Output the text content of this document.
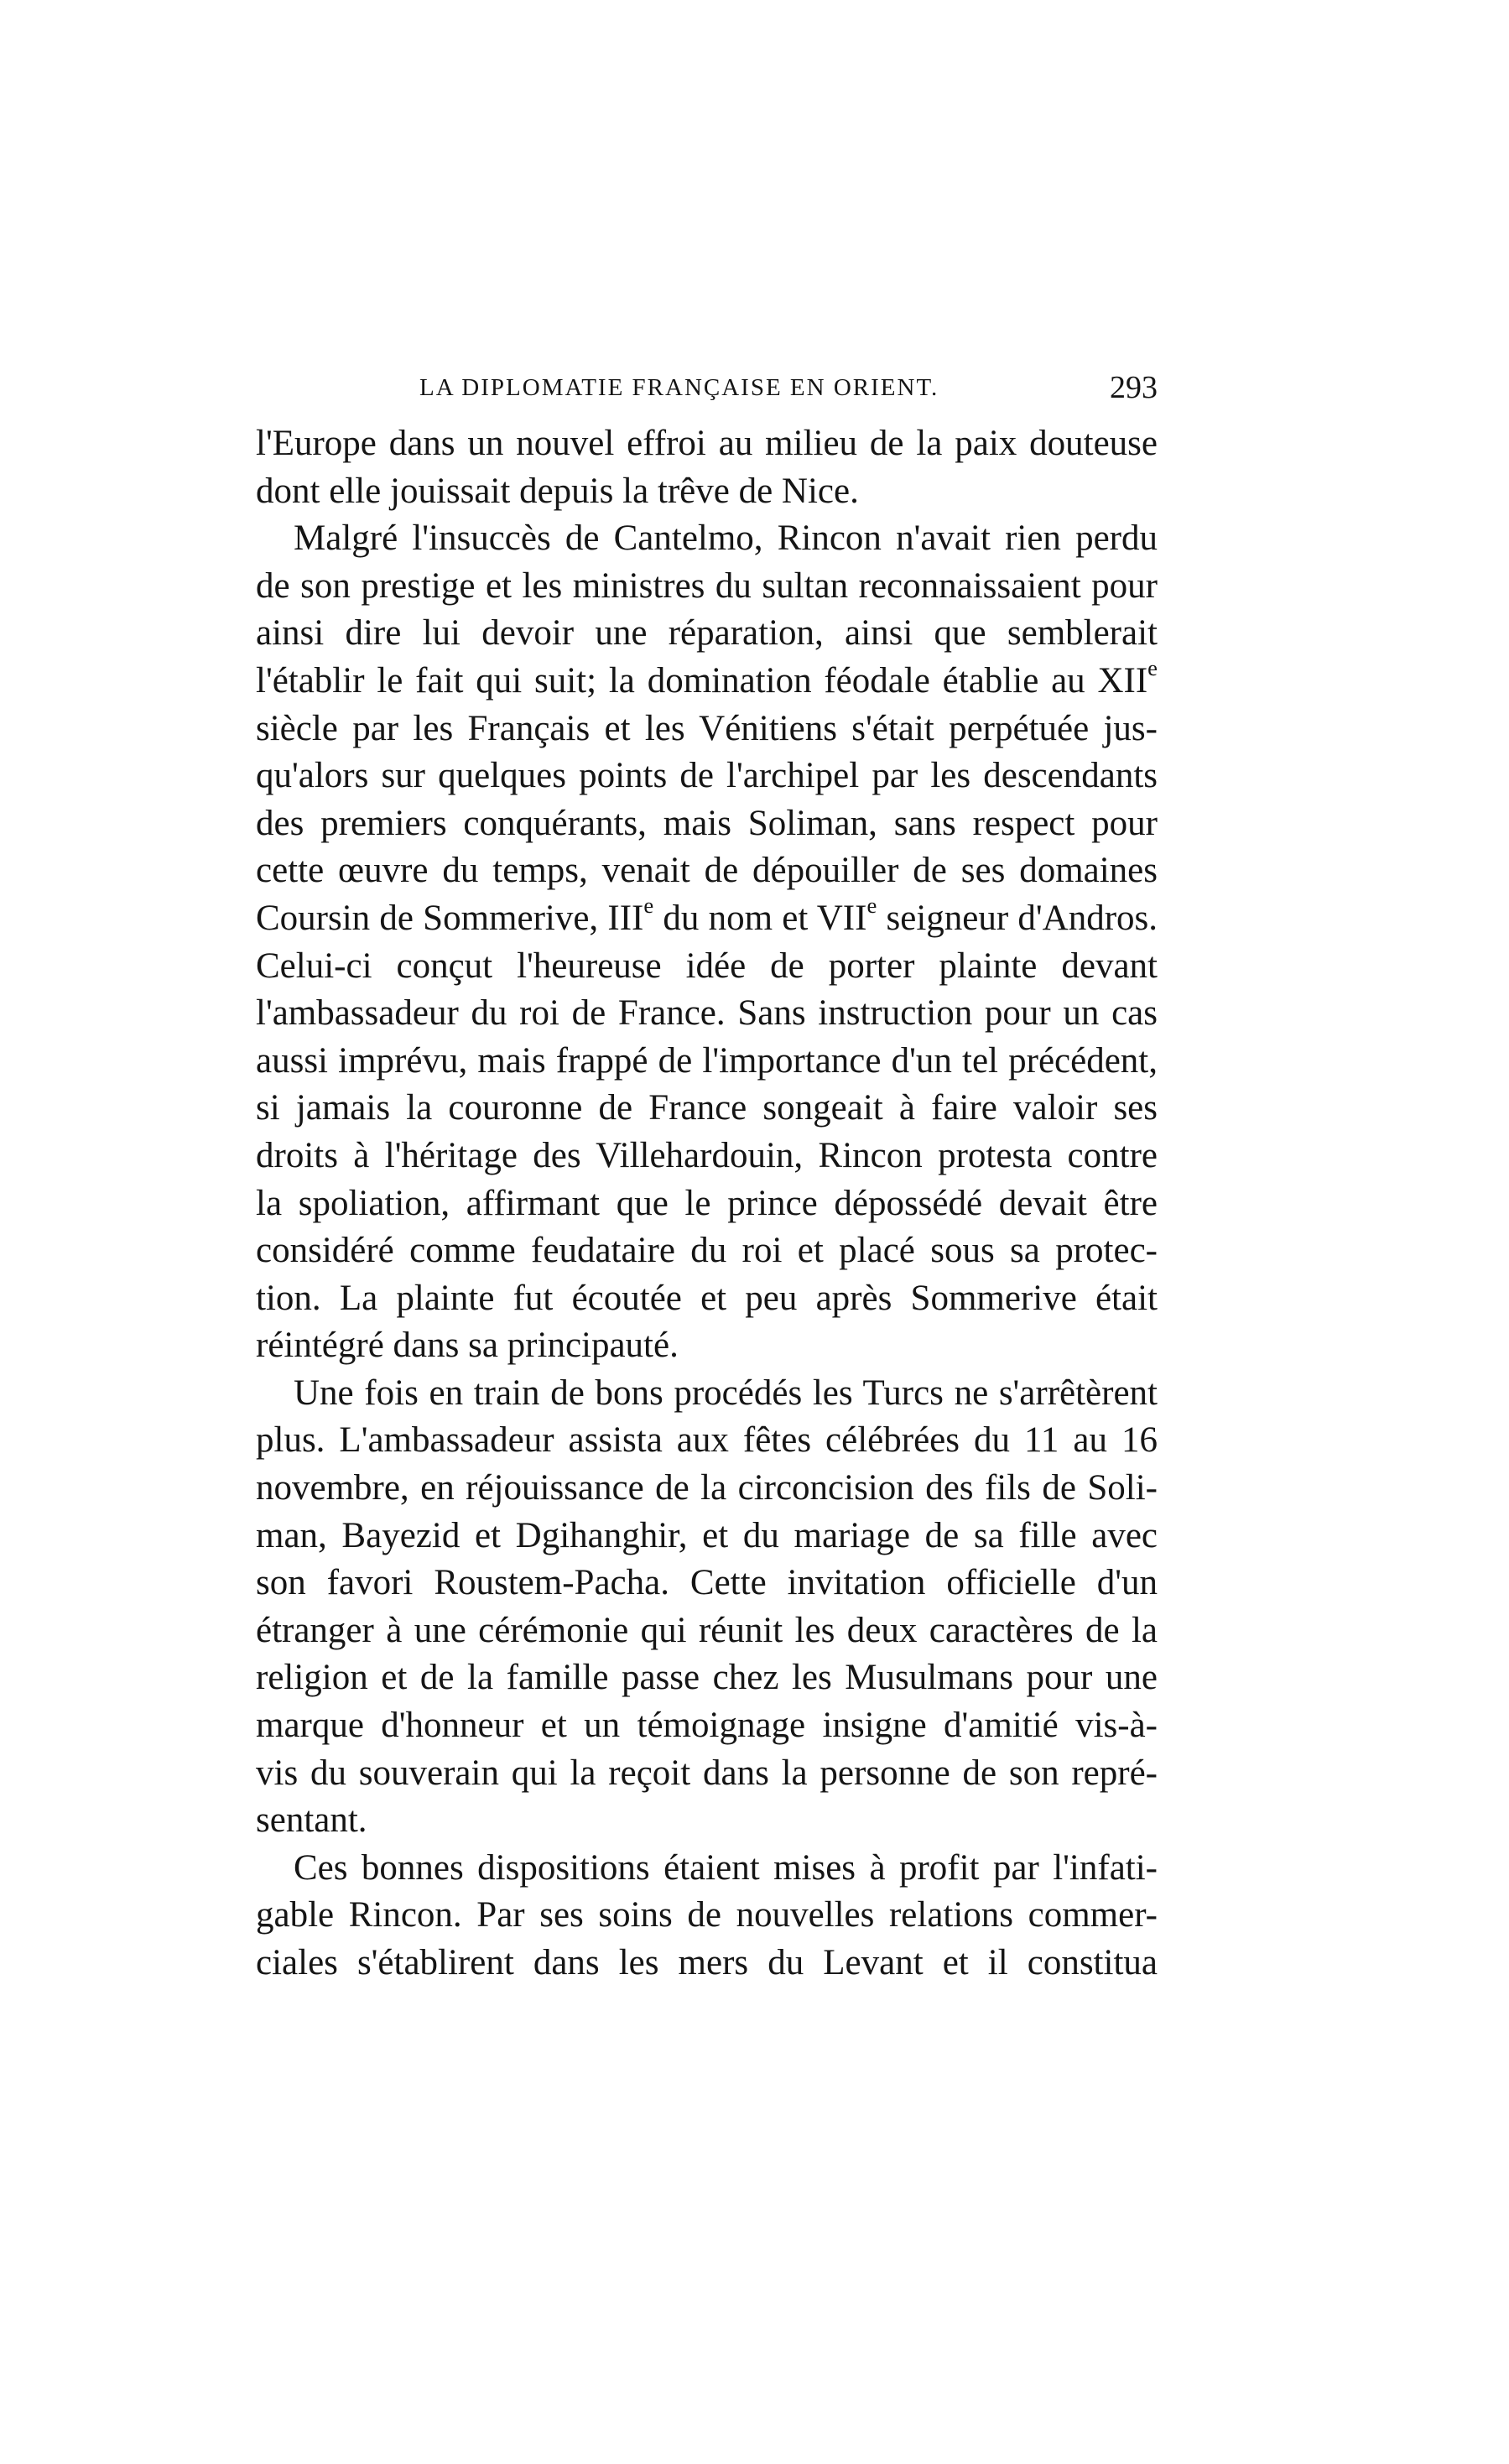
LA DIPLOMATIE FRANÇAISE EN ORIENT.	293
l'Europe dans un nouvel effroi au milieu de la paix douteuse
dont elle jouissait depuis la trêve de Nice.
Malgré l'insuccès de Cantelmo, Rincon n'avait rien perdu
de son prestige et les ministres du sultan reconnaissaient pour
ainsi dire lui devoir une réparation, ainsi que semblerait
l'établir le fait qui suit; la domination féodale établie au XIIe
siècle par les Français et les Vénitiens s'était perpétuée jus-
qu'alors sur quelques points de l'archipel par les descendants
des premiers conquérants, mais Soliman, sans respect pour
cette œuvre du temps, venait de dépouiller de ses domaines
Coursin de Sommerive, IIIe du nom et VIIe seigneur d'Andros.
Celui-ci conçut l'heureuse idée de porter plainte devant
l'ambassadeur du roi de France. Sans instruction pour un cas
aussi imprévu, mais frappé de l'importance d'un tel précédent,
si jamais la couronne de France songeait à faire valoir ses
droits à l'héritage des Villehardouin, Rincon protesta contre
la spoliation, affirmant que le prince dépossédé devait être
considéré comme feudataire du roi et placé sous sa protec-
tion. La plainte fut écoutée et peu après Sommerive était
réintégré dans sa principauté.
Une fois en train de bons procédés les Turcs ne s'arrêtèrent
plus. L'ambassadeur assista aux fêtes célébrées du 11 au 16
novembre, en réjouissance de la circoncision des fils de Soli-
man, Bayezid et Dgihanghir, et du mariage de sa fille avec
son favori Roustem-Pacha. Cette invitation officielle d'un
étranger à une cérémonie qui réunit les deux caractères de la
religion et de la famille passe chez les Musulmans pour une
marque d'honneur et un témoignage insigne d'amitié vis-à-
vis du souverain qui la reçoit dans la personne de son repré-
sentant.
Ces bonnes dispositions étaient mises à profit par l'infati-
gable Rincon. Par ses soins de nouvelles relations commer-
ciales s'établirent dans les mers du Levant et il constitua
